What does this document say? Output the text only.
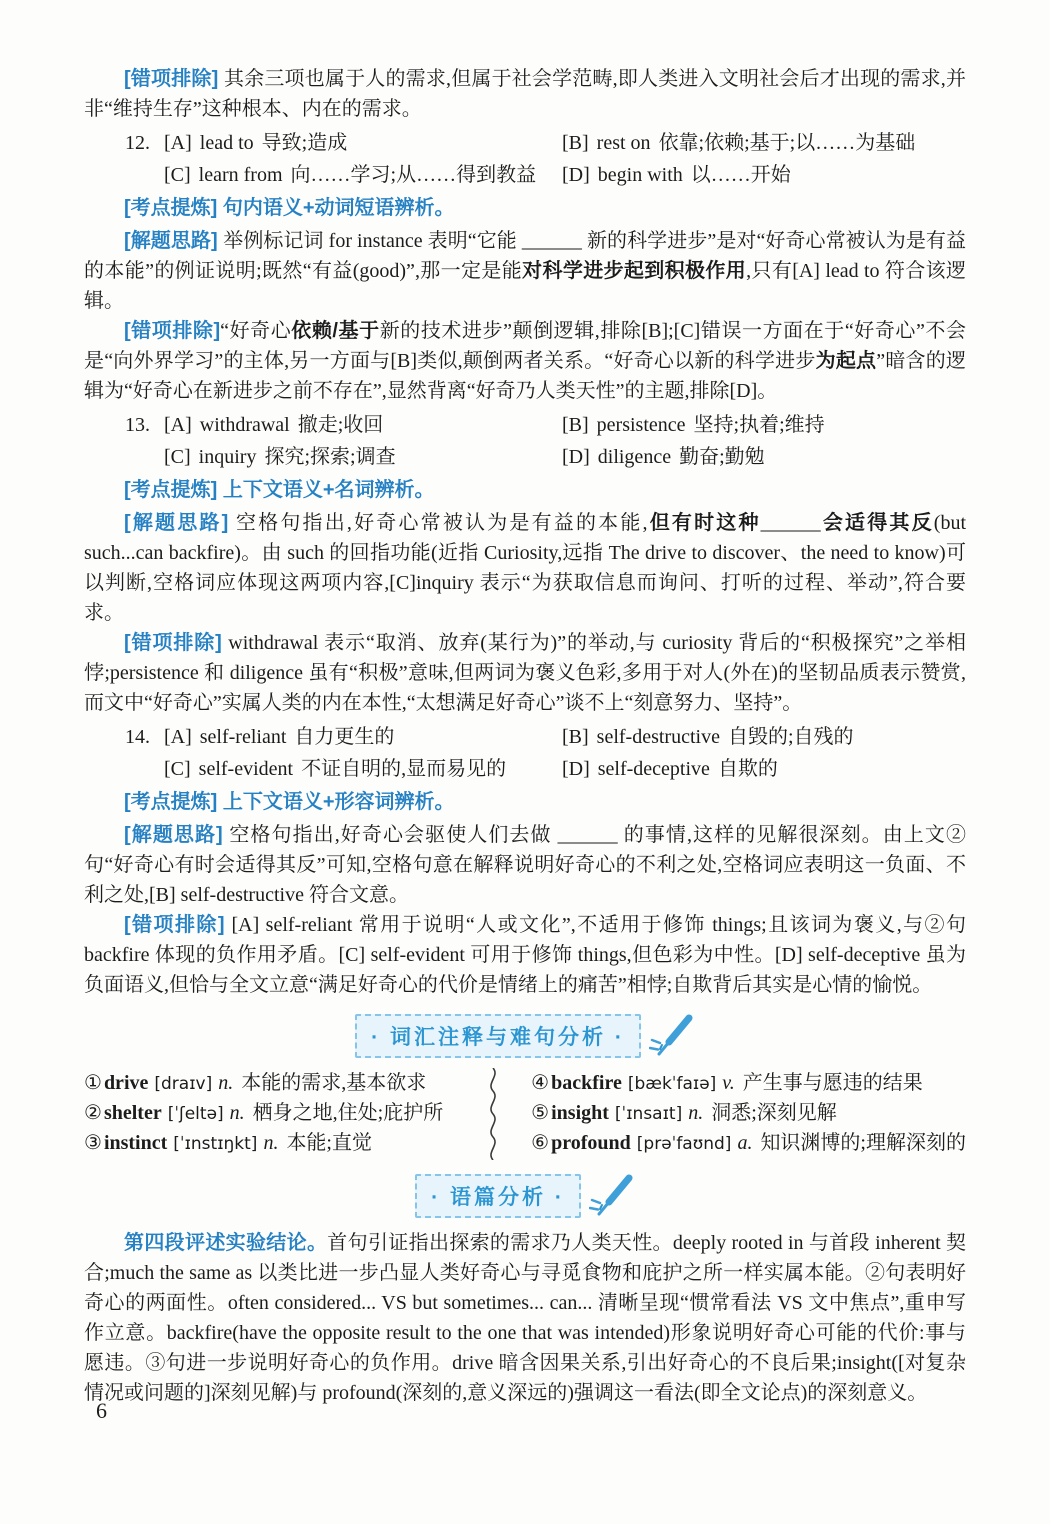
[错项排除] 其余三项也属于人的需求,但属于社会学范畴,即人类进入文明社会后才出现的需求,并非“维持生存”这种根本、内在的需求。

12. [A] lead to 导致;造成	[B] rest on 依靠;依赖;基于;以……为基础
[C] learn from 向……学习;从……得到教益 [D] begin with 以……开始

[考点提炼] 句内语义+动词短语辨析。

[解题思路] 举例标记词 for instance 表明“它能 ______ 新的科学进步”是对“好奇心常被认为是有益的本能”的例证说明;既然“有益(good)”,那一定是能对科学进步起到积极作用,只有[A] lead to 符合该逻辑。

[错项排除]“好奇心依赖/基于新的技术进步”颠倒逻辑,排除[B];[C]错误一方面在于“好奇心”不会是“向外界学习”的主体,另一方面与[B]类似,颠倒两者关系。“好奇心以新的科学进步为起点”暗含的逻辑为“好奇心在新进步之前不存在”,显然背离“好奇乃人类天性”的主题,排除[D]。

13. [A] withdrawal 撤走;收回	[B] persistence 坚持;执着;维持
[C] inquiry 探究;探索;调查	[D] diligence 勤奋;勤勉

[考点提炼] 上下文语义+名词辨析。

[解题思路] 空格句指出,好奇心常被认为是有益的本能,但有时这种______会适得其反(but such...can backfire)。由 such 的回指功能(近指 Curiosity,远指 The drive to discover、the need to know)可以判断,空格词应体现这两项内容,[C]inquiry 表示“为获取信息而询问、打听的过程、举动”,符合要求。

[错项排除] withdrawal 表示“取消、放弃(某行为)”的举动,与 curiosity 背后的“积极探究”之举相悖;persistence 和 diligence 虽有“积极”意味,但两词为褒义色彩,多用于对人(外在)的坚韧品质表示赞赏,而文中“好奇心”实属人类的内在本性,“太想满足好奇心”谈不上“刻意努力、坚持”。

14. [A] self-reliant 自力更生的	[B] self-destructive 自毁的;自残的
[C] self-evident 不证自明的,显而易见的	[D] self-deceptive 自欺的

[考点提炼] 上下文语义+形容词辨析。

[解题思路] 空格句指出,好奇心会驱使人们去做 ______ 的事情,这样的见解很深刻。由上文②句“好奇心有时会适得其反”可知,空格句意在解释说明好奇心的不利之处,空格词应表明这一负面、不利之处,[B] self-destructive 符合文意。

[错项排除] [A] self-reliant 常用于说明“人或文化”,不适用于修饰 things;且该词为褒义,与②句 backfire 体现的负作用矛盾。[C] self-evident 可用于修饰 things,但色彩为中性。[D] self-deceptive 虽为负面语义,但恰与全文立意“满足好奇心的代价是情绪上的痛苦”相悖;自欺背后其实是心情的愉悦。

· 词汇注释与难句分析 ·
① drive [draɪv] n. 本能的需求,基本欲求
② shelter [ˈʃeltə] n. 栖身之地,住处;庇护所
③ instinct [ˈɪnstɪŋkt] n. 本能;直觉
④ backfire [bækˈfaɪə] v. 产生事与愿违的结果
⑤ insight [ˈɪnsaɪt] n. 洞悉;深刻见解
⑥ profound [prəˈfaʊnd] a. 知识渊博的;理解深刻的
· 语篇分析 ·

第四段评述实验结论。首句引证指出探索的需求乃人类天性。deeply rooted in 与首段 inherent 契合;much the same as 以类比进一步凸显人类好奇心与寻觅食物和庇护之所一样实属本能。②句表明好奇心的两面性。often considered... VS but sometimes... can... 清晰呈现“惯常看法 VS 文中焦点”,重申写作立意。backfire(have the opposite result to the one that was intended)形象说明好奇心可能的代价:事与愿违。③句进一步说明好奇心的负作用。drive 暗含因果关系,引出好奇心的不良后果;insight([对复杂情况或问题的]深刻见解)与 profound(深刻的,意义深远的)强调这一看法(即全文论点)的深刻意义。

6
